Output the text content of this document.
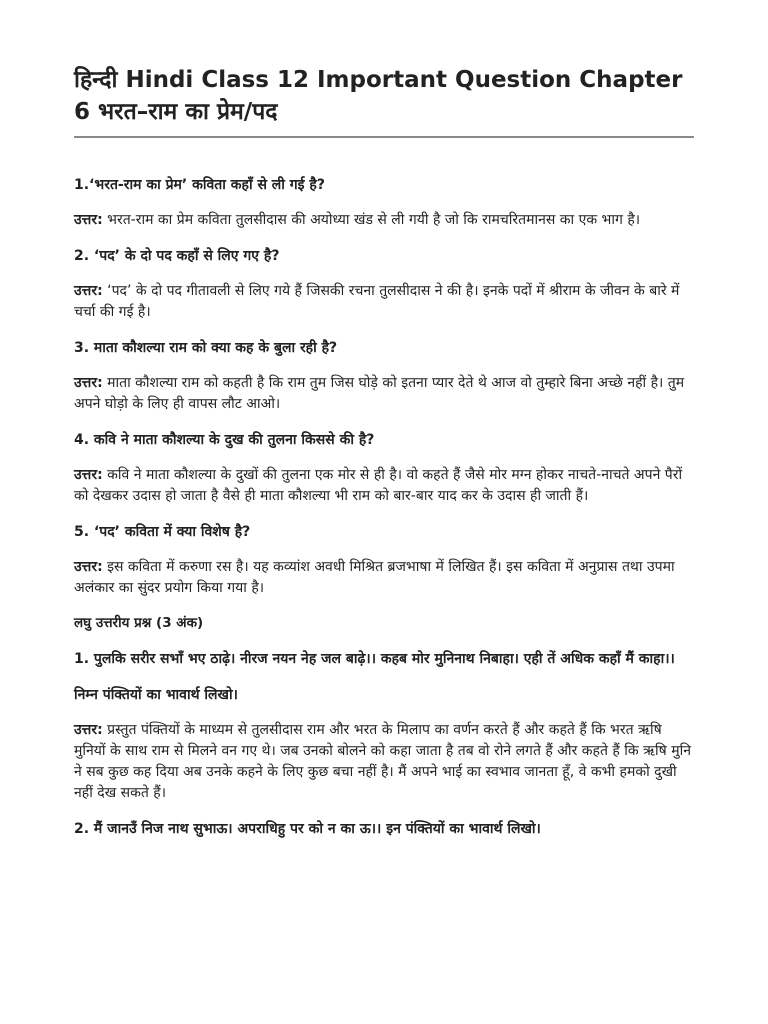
हिन्दी Hindi Class 12 Important Question Chapter 6 भरत–राम का प्रेम/पद

1.‘भरत-राम का प्रेम’ कविता कहाँ से ली गई है?

उत्तर: भरत-राम का प्रेम कविता तुलसीदास की अयोध्या खंड से ली गयी है जो कि रामचरितमानस का एक भाग है।

2. ‘पद’ के दो पद कहाँ से लिए गए है?

उत्तर: ‘पद’ के दो पद गीतावली से लिए गये हैं जिसकी रचना तुलसीदास ने की है। इनके पदों में श्रीराम के जीवन के बारे में चर्चा की गई है।

3. माता कौशल्या राम को क्या कह के बुला रही है?

उत्तर: माता कौशल्या राम को कहती है कि राम तुम जिस घोड़े को इतना प्यार देते थे आज वो तुम्हारे बिना अच्छे नहीं है। तुम अपने घोड़ो के लिए ही वापस लौट आओ।

4. कवि ने माता कौशल्या के दुख की तुलना किससे की है?

उत्तर: कवि ने माता कौशल्या के दुखों की तुलना एक मोर से ही है। वो कहते हैं जैसे मोर मग्न होकर नाचते-नाचते अपने पैरों को देखकर उदास हो जाता है वैसे ही माता कौशल्या भी राम को बार-बार याद कर के उदास ही जाती हैं।

5. ‘पद’ कविता में क्या विशेष है?

उत्तर: इस कविता में करुणा रस है। यह कव्यांश अवधी मिश्रित ब्रजभाषा में लिखित हैं। इस कविता में अनुप्रास तथा उपमा अलंकार का सुंदर प्रयोग किया गया है।

लघु उत्तरीय प्रश्न (3 अंक)

1. पुलकि सरीर सभाँ भए ठाढ़े। नीरज नयन नेह जल बाढ़े।। कहब मोर मुनिनाथ निबाहा। एही तें अधिक कहाँ मैं काहा।।

निम्न पंक्तियों का भावार्थ लिखो।

उत्तर: प्रस्तुत पंक्तियों के माध्यम से तुलसीदास राम और भरत के मिलाप का वर्णन करते हैं और कहते हैं कि भरत ऋषि मुनियों के साथ राम से मिलने वन गए थे। जब उनको बोलने को कहा जाता है तब वो रोने लगते हैं और कहते हैं कि ऋषि मुनि ने सब कुछ कह दिया अब उनके कहने के लिए कुछ बचा नहीं है। मैं अपने भाई का स्वभाव जानता हूँ, वे कभी हमको दुखी नहीं देख सकते हैं।

2. मैं जानउँ निज नाथ सुभाऊ। अपराधिहु पर को न का ऊ।। इन पंक्तियों का भावार्थ लिखो।
